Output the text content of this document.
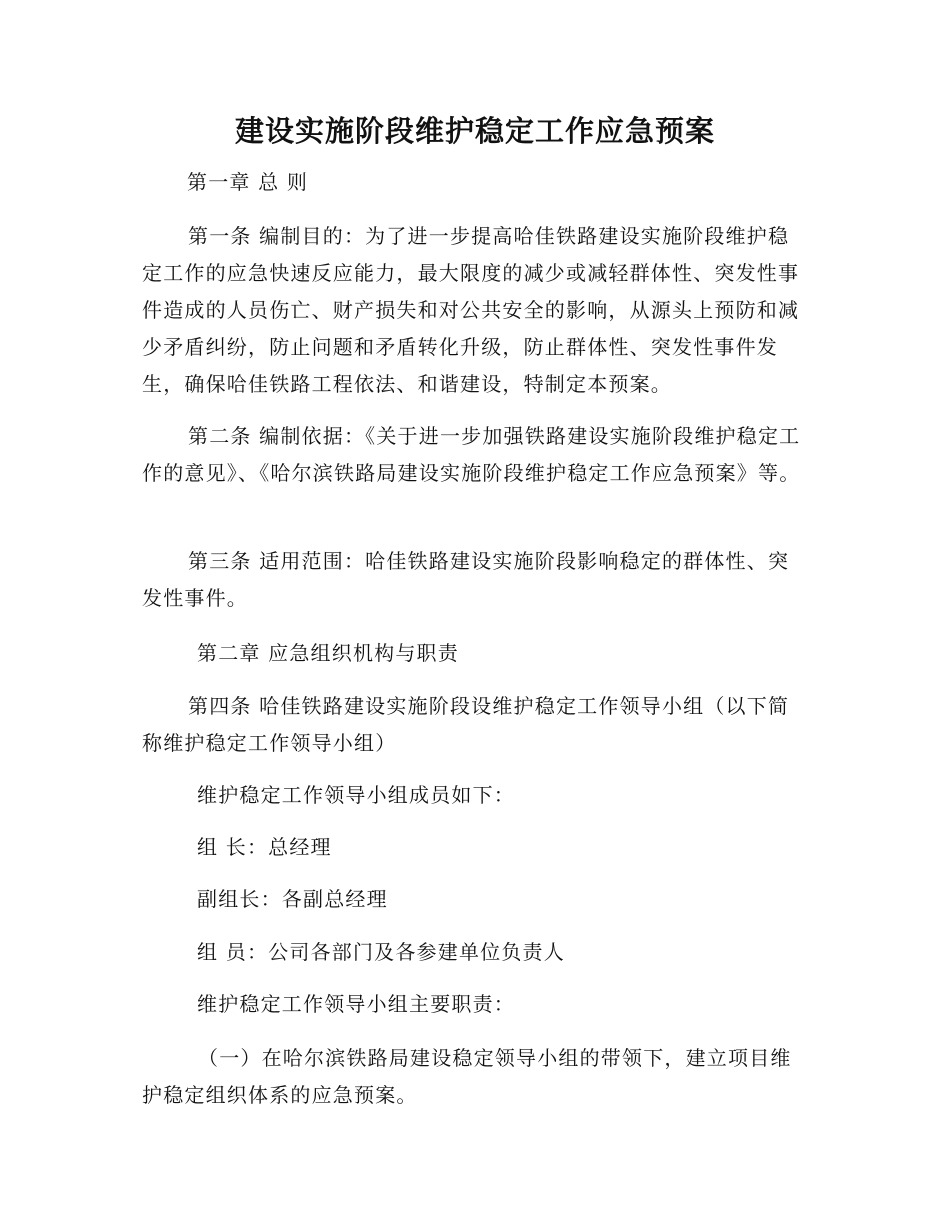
建设实施阶段维护稳定工作应急预案
第一章 总 则
第一条 编制目的：为了进一步提高哈佳铁路建设实施阶段维护稳定工作的应急快速反应能力，最大限度的减少或减轻群体性、突发性事件造成的人员伤亡、财产损失和对公共安全的影响，从源头上预防和减少矛盾纠纷，防止问题和矛盾转化升级，防止群体性、突发性事件发生，确保哈佳铁路工程依法、和谐建设，特制定本预案。
第二条 编制依据：《关于进一步加强铁路建设实施阶段维护稳定工作的意见》、《哈尔滨铁路局建设实施阶段维护稳定工作应急预案》等。
第三条 适用范围：哈佳铁路建设实施阶段影响稳定的群体性、突发性事件。
第二章 应急组织机构与职责
第四条 哈佳铁路建设实施阶段设维护稳定工作领导小组（以下简称维护稳定工作领导小组）
维护稳定工作领导小组成员如下：
组 长：总经理
副组长：各副总经理
组 员：公司各部门及各参建单位负责人
维护稳定工作领导小组主要职责：
（一）在哈尔滨铁路局建设稳定领导小组的带领下，建立项目维护稳定组织体系的应急预案。
